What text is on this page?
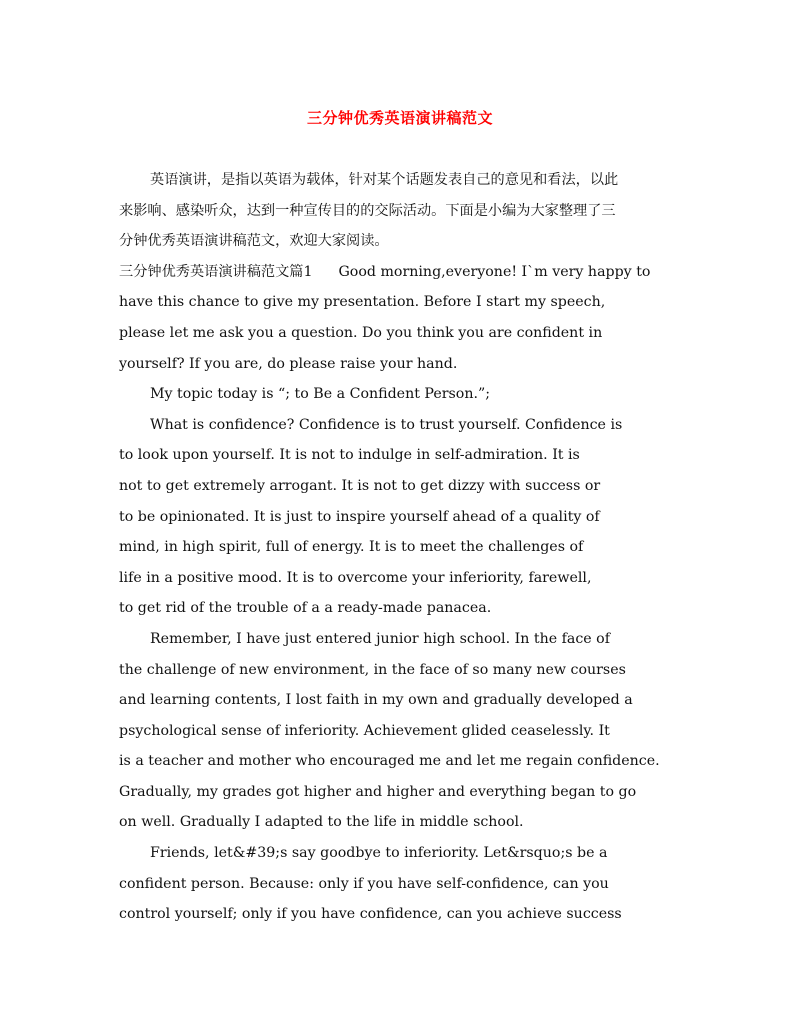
三分钟优秀英语演讲稿范文
英语演讲，是指以英语为载体，针对某个话题发表自己的意见和看法，以此
来影响、感染听众，达到一种宣传目的的交际活动。下面是小编为大家整理了三
分钟优秀英语演讲稿范文，欢迎大家阅读。
三分钟优秀英语演讲稿范文篇1 Good morning,everyone! I`m very happy to
have this chance to give my presentation. Before I start my speech,
please let me ask you a question. Do you think you are confident in
yourself? If you are, do please raise your hand.
My topic today is “; to Be a Confident Person.”;
What is confidence? Confidence is to trust yourself. Confidence is
to look upon yourself. It is not to indulge in self-admiration. It is
not to get extremely arrogant. It is not to get dizzy with success or
to be opinionated. It is just to inspire yourself ahead of a quality of
mind, in high spirit, full of energy. It is to meet the challenges of
life in a positive mood. It is to overcome your inferiority, farewell,
to get rid of the trouble of a a ready-made panacea.
Remember, I have just entered junior high school. In the face of
the challenge of new environment, in the face of so many new courses
and learning contents, I lost faith in my own and gradually developed a
psychological sense of inferiority. Achievement glided ceaselessly. It
is a teacher and mother who encouraged me and let me regain confidence.
Gradually, my grades got higher and higher and everything began to go
on well. Gradually I adapted to the life in middle school.
Friends, let&#39;s say goodbye to inferiority. Let&rsquo;s be a
confident person. Because: only if you have self-confidence, can you
control yourself; only if you have confidence, can you achieve success
